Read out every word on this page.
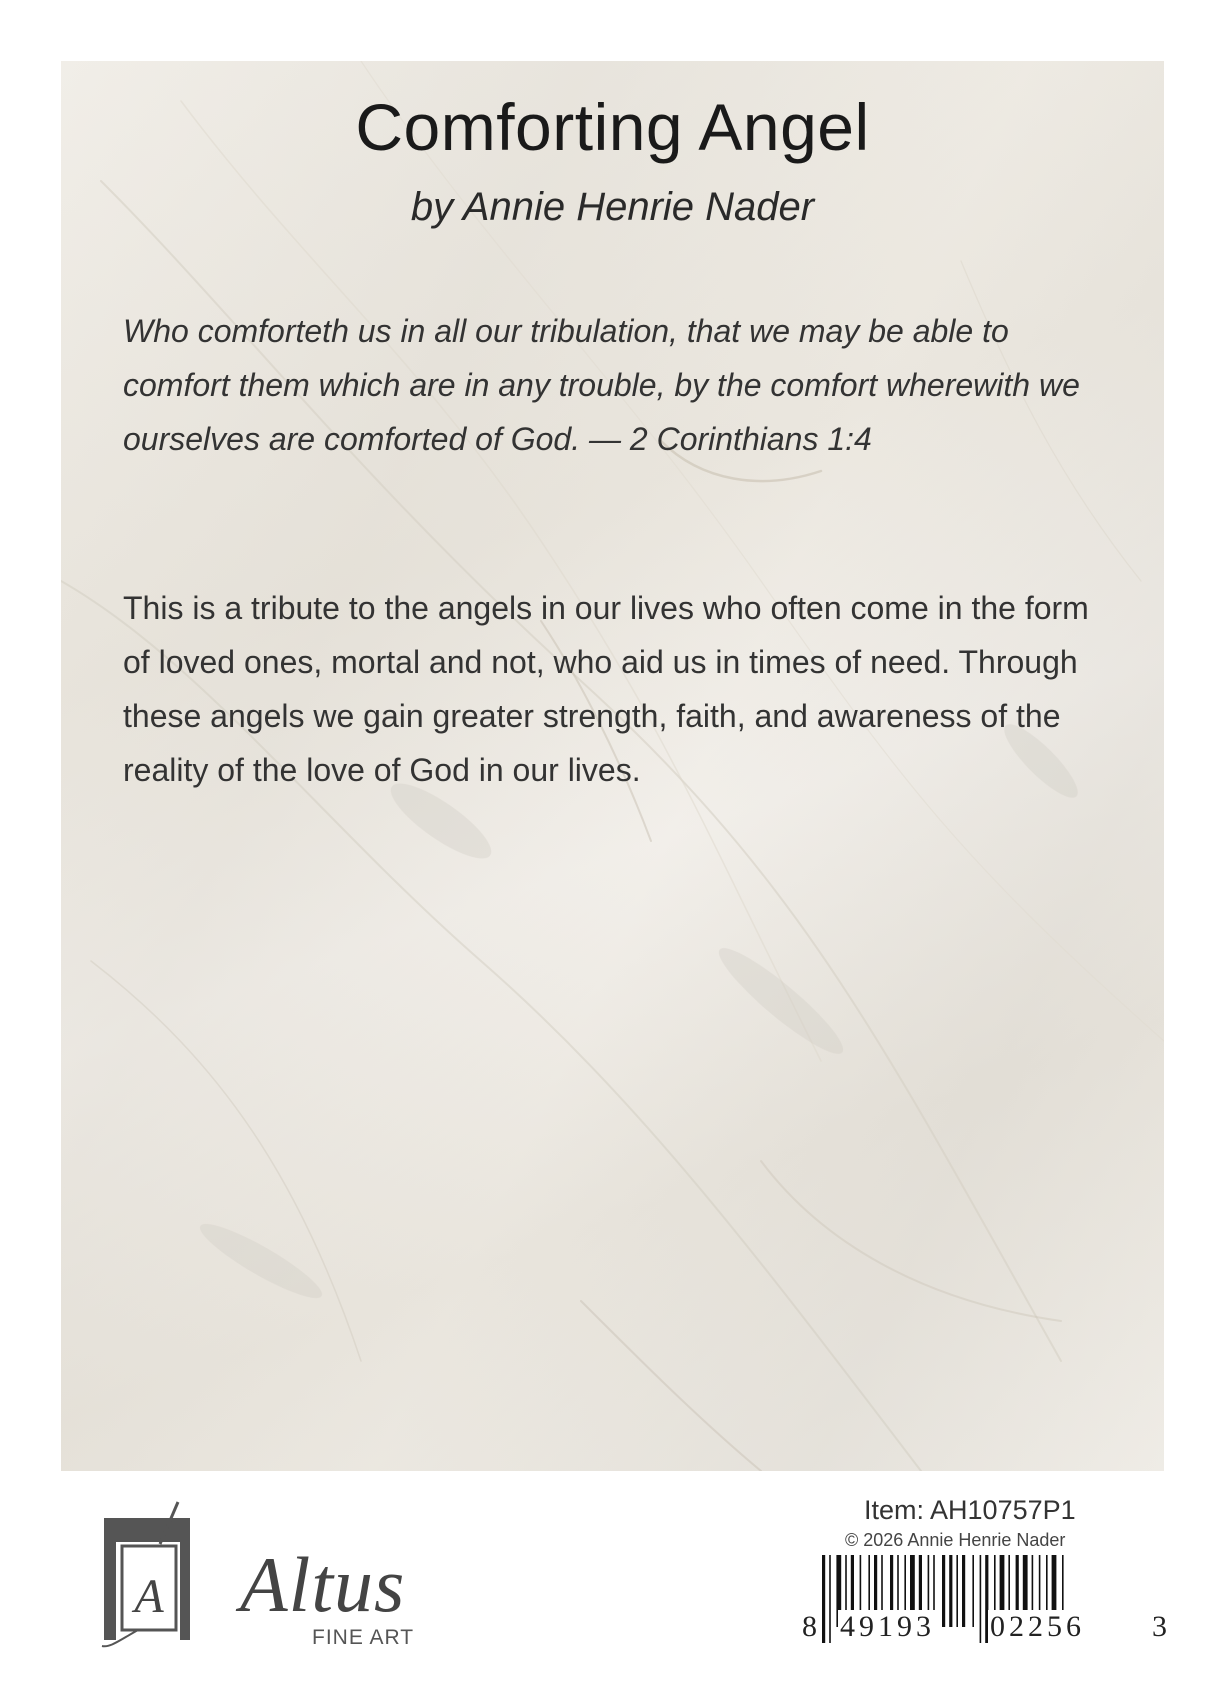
Comforting Angel
by Annie Henrie Nader

Who comforteth us in all our tribulation, that we may be able to comfort them which are in any trouble, by the comfort wherewith we ourselves are comforted of God. — 2 Corinthians 1:4

This is a tribute to the angels in our lives who often come in the form of loved ones, mortal and not, who aid us in times of need. Through these angels we gain greater strength, faith, and awareness of the reality of the love of God in our lives.

A Altus
FINE ART
Item: AH10757P1
© 2026 Annie Henrie Nader
8 49193 02256 3
